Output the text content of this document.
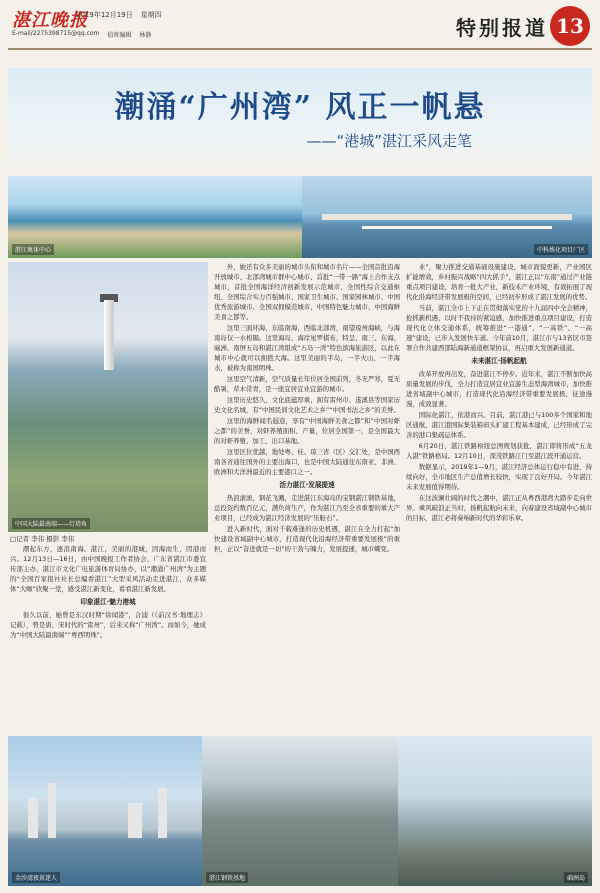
湛江晚报
2019年12月19日 星期四
E-mail/2275398715@qq.com 值班编辑 林静	特别报道 13
潮涌“广州湾” 风正一帆悬
——“港城”湛江采风走笔
湛江奥体中心	中科炼化项目厂区
中国大陆最南端——灯塔角
□记者 李伟 摄影 李伟

潮起东方，逐浪南海。湛江，美丽的港城，因海而生，因港而兴。12月13日—16日，由中国晚报工作者协会、广东省湛江市委宣传部主办，湛江市文化广电旅游体育局协办，以“潮涌广州湾”为主题的“全国百家报社社长总编看湛江”大型采风活动走进湛江，众多媒体“大咖”欣聚一堂，感受湛江新变化，看看湛江新发展。

印象湛江·魅力港城

很久以前，她曾是东汉时期“徐闻港”，合浦（《前汉书·地理志》记载），曾是唐、宋时代的“雷州”，后来又称“广州湾”。而如今，她成为“中国大陆最南端”“粤西明珠”。

外，她还有众多美丽的城市头衔和城市名片——全国首批沿海开放城市、北部湾城市群中心城市、首批“一带一路”海上合作支点城市、首批全国海洋经济创新发展示范城市、全国性综合交通枢纽、全国综合实力百强城市、国家卫生城市、国家园林城市、中国优秀旅游城市、全国双拥模范城市、中国特色魅力城市、中国海鲜美食之都等。

这里三面环海，东临南海，西临北部湾，南望琼州海峡，与海南岛仅一水相隔。这里海岛、海岸星罗棋布，特呈、南三、东海、硇洲、南屏五岛和湛江湾组成“五岛一湾”特色滨海旅游区，以此在城市中心就可以拥抱大海。这里美丽的半岛，一半火山，一半海水，被称为南国明珠。

这里空气清新，空气质量长年位居全国前列，冬无严寒，夏无酷暑，草木常青，是一座宜居宜业宜游的城市。

这里历史悠久，文化底蕴厚重，拥有雷州市、遂溪县等国家历史文化名城，有“中国民间文化艺术之乡”“中国书法之乡”的美誉。

这里的海鲜闻名遐迩，享有“中国海鲜美食之都”和“中国对虾之都”的美誉，对虾养殖面积、产量，位居全国第一，是全国最大的对虾养殖、加工、出口基地。

这里区位优越，地处粤、桂、琼三省（区）交汇处，是中国西南各省通往国外的主要出海口，也是中国大陆通往东南亚、非洲、欧洲和大洋洲最近的主要港口之一。

活力湛江·发展提速

热浪滚滚，钢花飞溅，走进湛江东海岛的宝钢湛江钢铁基地，总投资约数百亿元，满负荷生产，作为湛江乃至全省重要的重大产业项目，已经成为湛江经济发展的“压舱石”。

进入新时代，面对千载难逢的历史机遇，湛江在全力打起“加快建设省域副中心城市，打造现代化沿海经济带重要发展极”的重担，正以“奋进就是一切”的干劲与魄力，发展提速，城市蝶变。

业”，聚力推进交通基础设施建设，城市面貌更新，产业园区扩能增效，乡村振兴战略“四大抓手”，湛江正以“东南”通过产业链重点项目建设，培育一批大产业，新技术产业环境，有效拓展了现代化沿海经济带发展极的空间，已经初步形成了湛江发展的优势。

当前，湛江全市上下正在贯彻落实党的十九届四中全会精神，抢抓新机遇，以时不我待的紧迫感，加快推进重点项目建设，打造现代化立体交通体系，统筹推进“一港通”、“一高铁”、“一高速”建设，已步入发展快车道。今年前10月，湛江市与13省区市签署合作共建西部陆海新通道框架协议，再启重大发展新通道。

未来湛江·扬帆起航

改革开放再出发，奋进湛江不停步。近年来，湛江不断加快高质量发展的步伐，全力打造宜居宜业宜游生态型海湾城市，加快推进省域副中心城市，打造现代化沿海经济带重要发展极，征途漫漫，成效显著。

国际化湛江，依港而兴。目前，湛江港已与100多个国家和地区通航，湛江港国际集装箱码头扩建工程基本建成，已经形成了完善的港口集疏运体系。

6月20日，湛江铁路枢纽总图规划获批，湛江即将形成“五龙入湛”铁路格局。12月10日，深茂铁路江门至湛江段开通运营。

数据显示，2019年1—9月，湛江经济总体运行稳中有进，持续向好，全市地区生产总值增长较快，实现了良好开局。今年湛江未来发展值得期待。

在这波澜壮阔的时代之潮中，湛江正从粤西港湾大踏步走向世界。乘风破浪正当时，扬帆起航向未来，向着建设省域副中心城市的目标，湛江必将奏响新时代的华彩乐章。

金沙湾夜景迷人	湛江钢铁基地	硇洲岛
